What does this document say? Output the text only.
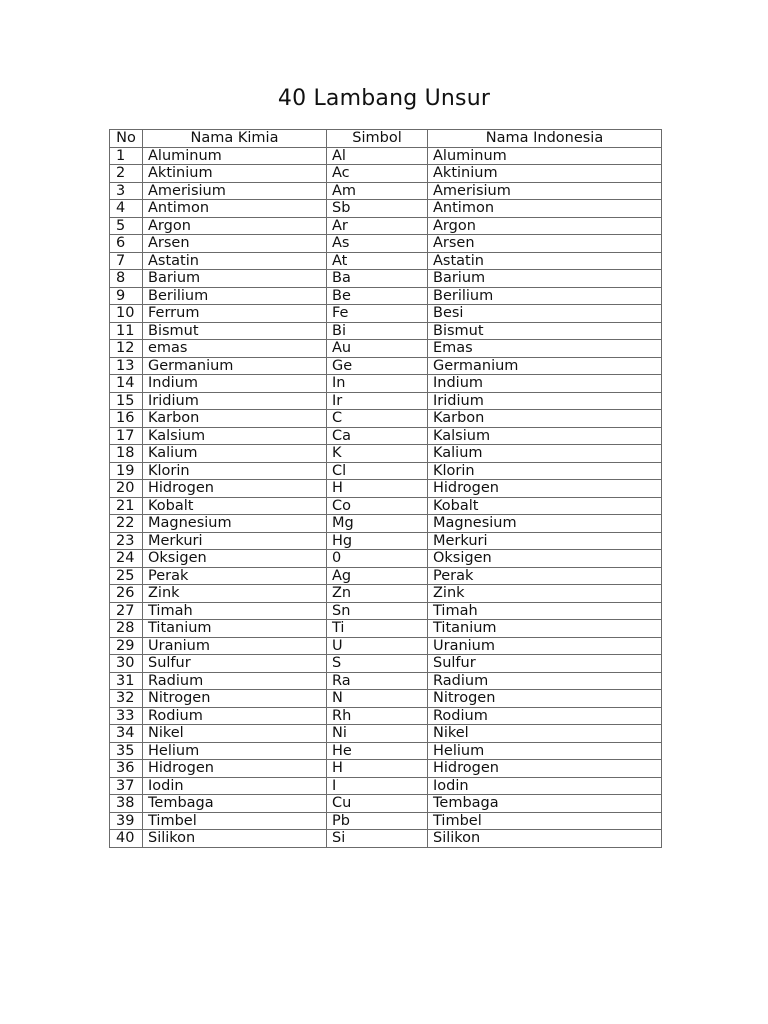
40 Lambang Unsur
No	Nama Kimia	Simbol	Nama Indonesia
1	Aluminum	Al	Aluminum
2	Aktinium	Ac	Aktinium
3	Amerisium	Am	Amerisium
4	Antimon	Sb	Antimon
5	Argon	Ar	Argon
6	Arsen	As	Arsen
7	Astatin	At	Astatin
8	Barium	Ba	Barium
9	Berilium	Be	Berilium
10	Ferrum	Fe	Besi
11	Bismut	Bi	Bismut
12	emas	Au	Emas
13	Germanium	Ge	Germanium
14	Indium	In	Indium
15	Iridium	Ir	Iridium
16	Karbon	C	Karbon
17	Kalsium	Ca	Kalsium
18	Kalium	K	Kalium
19	Klorin	Cl	Klorin
20	Hidrogen	H	Hidrogen
21	Kobalt	Co	Kobalt
22	Magnesium	Mg	Magnesium
23	Merkuri	Hg	Merkuri
24	Oksigen	0	Oksigen
25	Perak	Ag	Perak
26	Zink	Zn	Zink
27	Timah	Sn	Timah
28	Titanium	Ti	Titanium
29	Uranium	U	Uranium
30	Sulfur	S	Sulfur
31	Radium	Ra	Radium
32	Nitrogen	N	Nitrogen
33	Rodium	Rh	Rodium
34	Nikel	Ni	Nikel
35	Helium	He	Helium
36	Hidrogen	H	Hidrogen
37	Iodin	I	Iodin
38	Tembaga	Cu	Tembaga
39	Timbel	Pb	Timbel
40	Silikon	Si	Silikon
